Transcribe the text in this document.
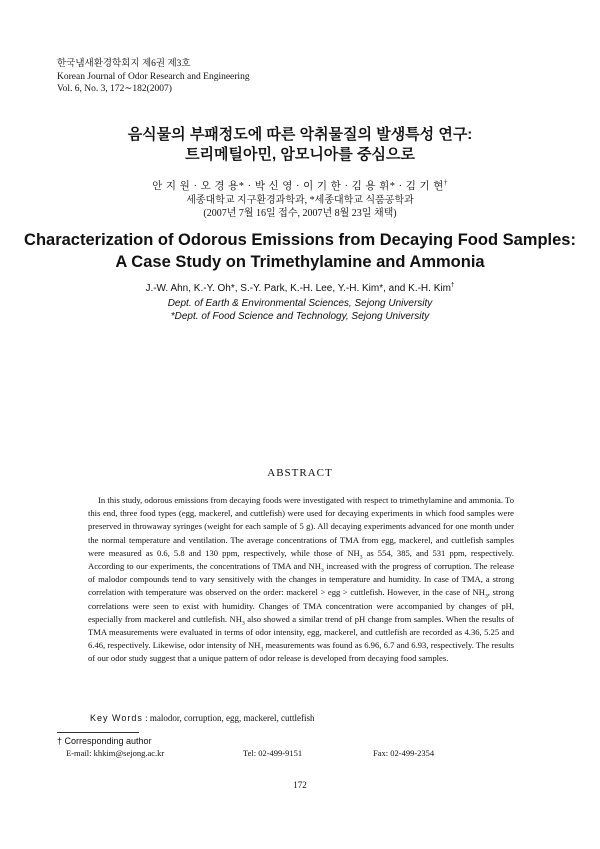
한국냄새환경학회지 제6권 제3호
Korean Journal of Odor Research and Engineering
Vol. 6, No. 3, 172∼182(2007)
음식물의 부패정도에 따른 악취물질의 발생특성 연구:
트리메틸아민, 암모니아를 중심으로
안 지 원 · 오 경 용* · 박 신 영 · 이 기 한 · 김 용 휘* · 김 기 현†
세종대학교 지구환경과학과, *세종대학교 식품공학과
(2007년 7월 16일 접수, 2007년 8월 23일 채택)
Characterization of Odorous Emissions from Decaying Food Samples:
A Case Study on Trimethylamine and Ammonia
J.-W. Ahn, K.-Y. Oh*, S.-Y. Park, K.-H. Lee, Y.-H. Kim*, and K.-H. Kim†
Dept. of Earth & Environmental Sciences, Sejong University
*Dept. of Food Science and Technology, Sejong University
ABSTRACT
In this study, odorous emissions from decaying foods were investigated with respect to trimethylamine and ammonia. To this end, three food types (egg, mackerel, and cuttlefish) were used for decaying experiments in which food samples were preserved in throwaway syringes (weight for each sample of 5 g). All decaying experiments advanced for one month under the normal temperature and ventilation. The average concentrations of TMA from egg, mackerel, and cuttlefish samples were measured as 0.6, 5.8 and 130 ppm, respectively, while those of $NH_3$ as 554, 385, and 531 ppm, respectively. According to our experiments, the concentrations of TMA and $NH_3$ increased with the progress of corruption. The release of malodor compounds tend to vary sensitively with the changes in temperature and humidity. In case of TMA, a strong correlation with temperature was observed on the order: mackerel > egg > cuttlefish. However, in the case of $NH_3$, strong correlations were seen to exist with humidity. Changes of TMA concentration were accompanied by changes of pH, especially from mackerel and cuttlefish. $NH_3$ also showed a similar trend of pH change from samples. When the results of TMA measurements were evaluated in terms of odor intensity, egg, mackerel, and cuttlefish are recorded as 4.36, 5.25 and 6.46, respectively. Likewise, odor intensity of $NH_3$ measurements was found as 6.96, 6.7 and 6.93, respectively. The results of our odor study suggest that a unique pattern of odor release is developed from decaying food samples.
Key Words : malodor, corruption, egg, mackerel, cuttlefish
† Corresponding author
E-mail: khkim@sejong.ac.kr	Tel: 02-499-9151	Fax: 02-499-2354
172
